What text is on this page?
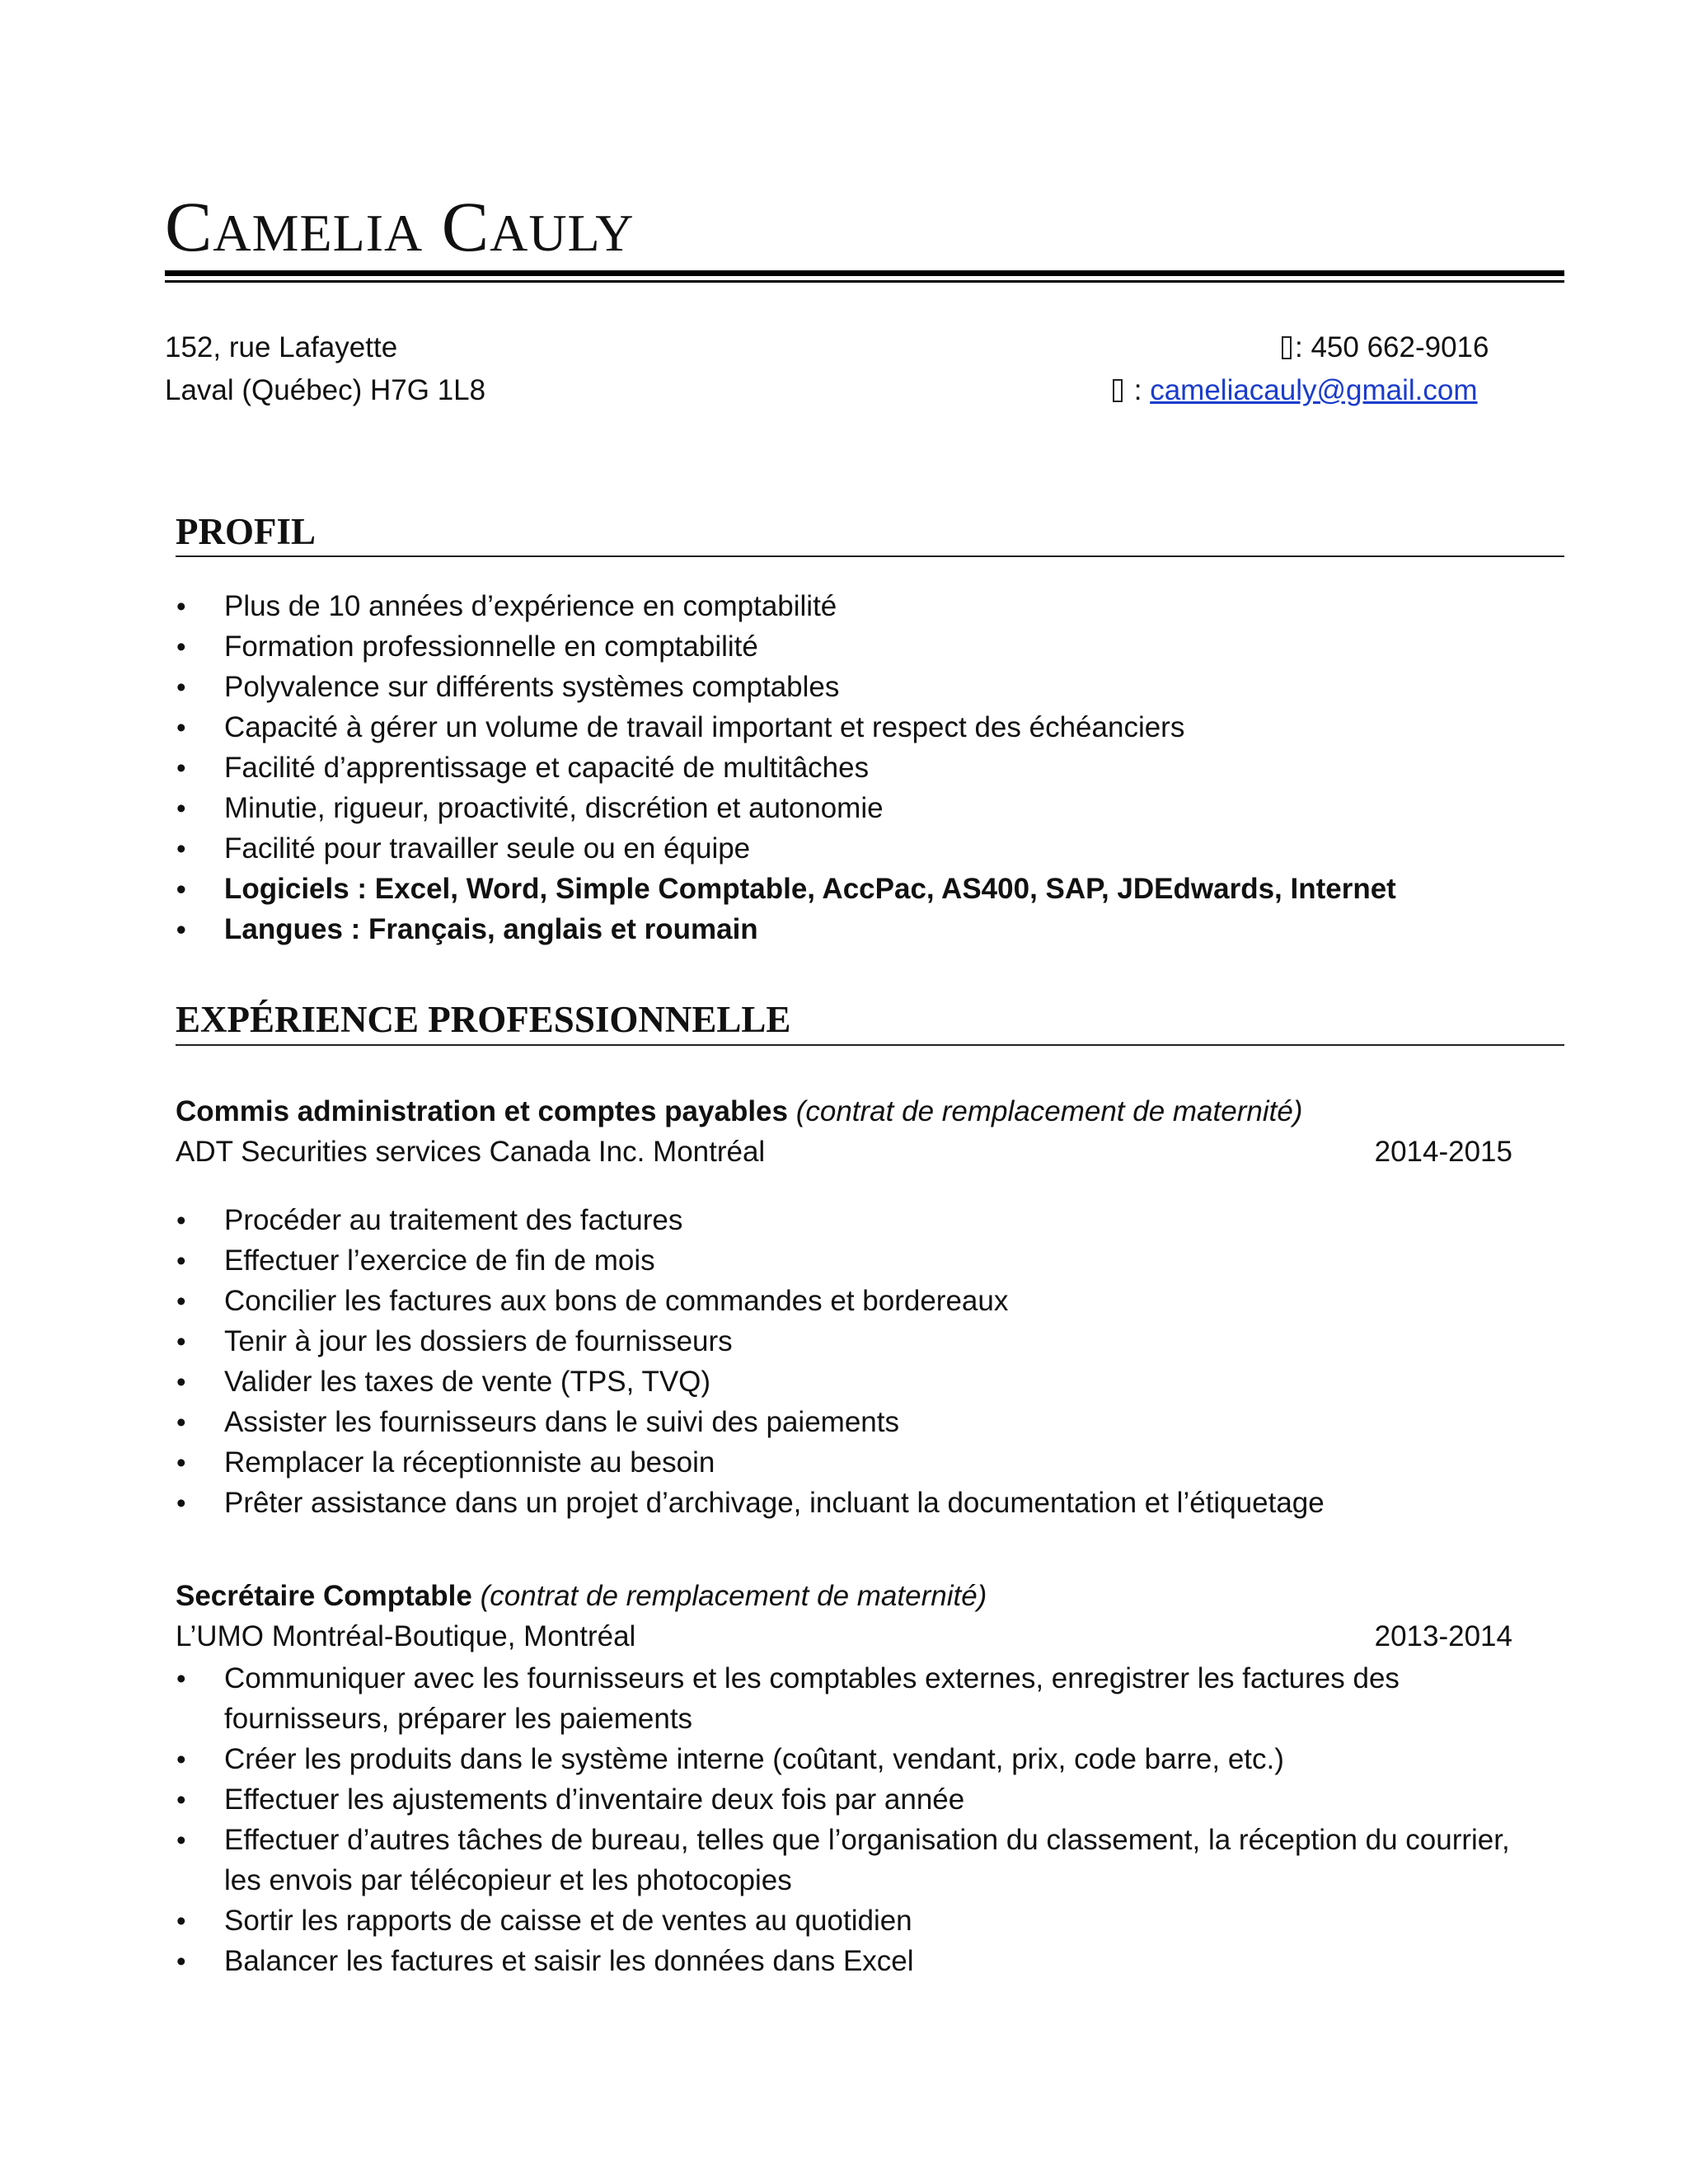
CAMELIA CAULY
152, rue Lafayette
Laval (Québec) H7G 1L8
: 450 662-9016
: cameliacauly@gmail.com
PROFIL
• Plus de 10 années d’expérience en comptabilité
• Formation professionnelle en comptabilité
• Polyvalence sur différents systèmes comptables
• Capacité à gérer un volume de travail important et respect des échéanciers
• Facilité d’apprentissage et capacité de multitâches
• Minutie, rigueur, proactivité, discrétion et autonomie
• Facilité pour travailler seule ou en équipe
• Logiciels : Excel, Word, Simple Comptable, AccPac, AS400, SAP, JDEdwards, Internet
• Langues : Français, anglais et roumain
EXPÉRIENCE PROFESSIONNELLE
Commis administration et comptes payables (contrat de remplacement de maternité)
ADT Securities services Canada Inc. Montréal	2014-2015
• Procéder au traitement des factures
• Effectuer l’exercice de fin de mois
• Concilier les factures aux bons de commandes et bordereaux
• Tenir à jour les dossiers de fournisseurs
• Valider les taxes de vente (TPS, TVQ)
• Assister les fournisseurs dans le suivi des paiements
• Remplacer la réceptionniste au besoin
• Prêter assistance dans un projet d’archivage, incluant la documentation et l’étiquetage
Secrétaire Comptable (contrat de remplacement de maternité)
L’UMO Montréal-Boutique, Montréal	2013-2014
• Communiquer avec les fournisseurs et les comptables externes, enregistrer les factures des fournisseurs, préparer les paiements
• Créer les produits dans le système interne (coûtant, vendant, prix, code barre, etc.)
• Effectuer les ajustements d’inventaire deux fois par année
• Effectuer d’autres tâches de bureau, telles que l’organisation du classement, la réception du courrier, les envois par télécopieur et les photocopies
• Sortir les rapports de caisse et de ventes au quotidien
• Balancer les factures et saisir les données dans Excel
